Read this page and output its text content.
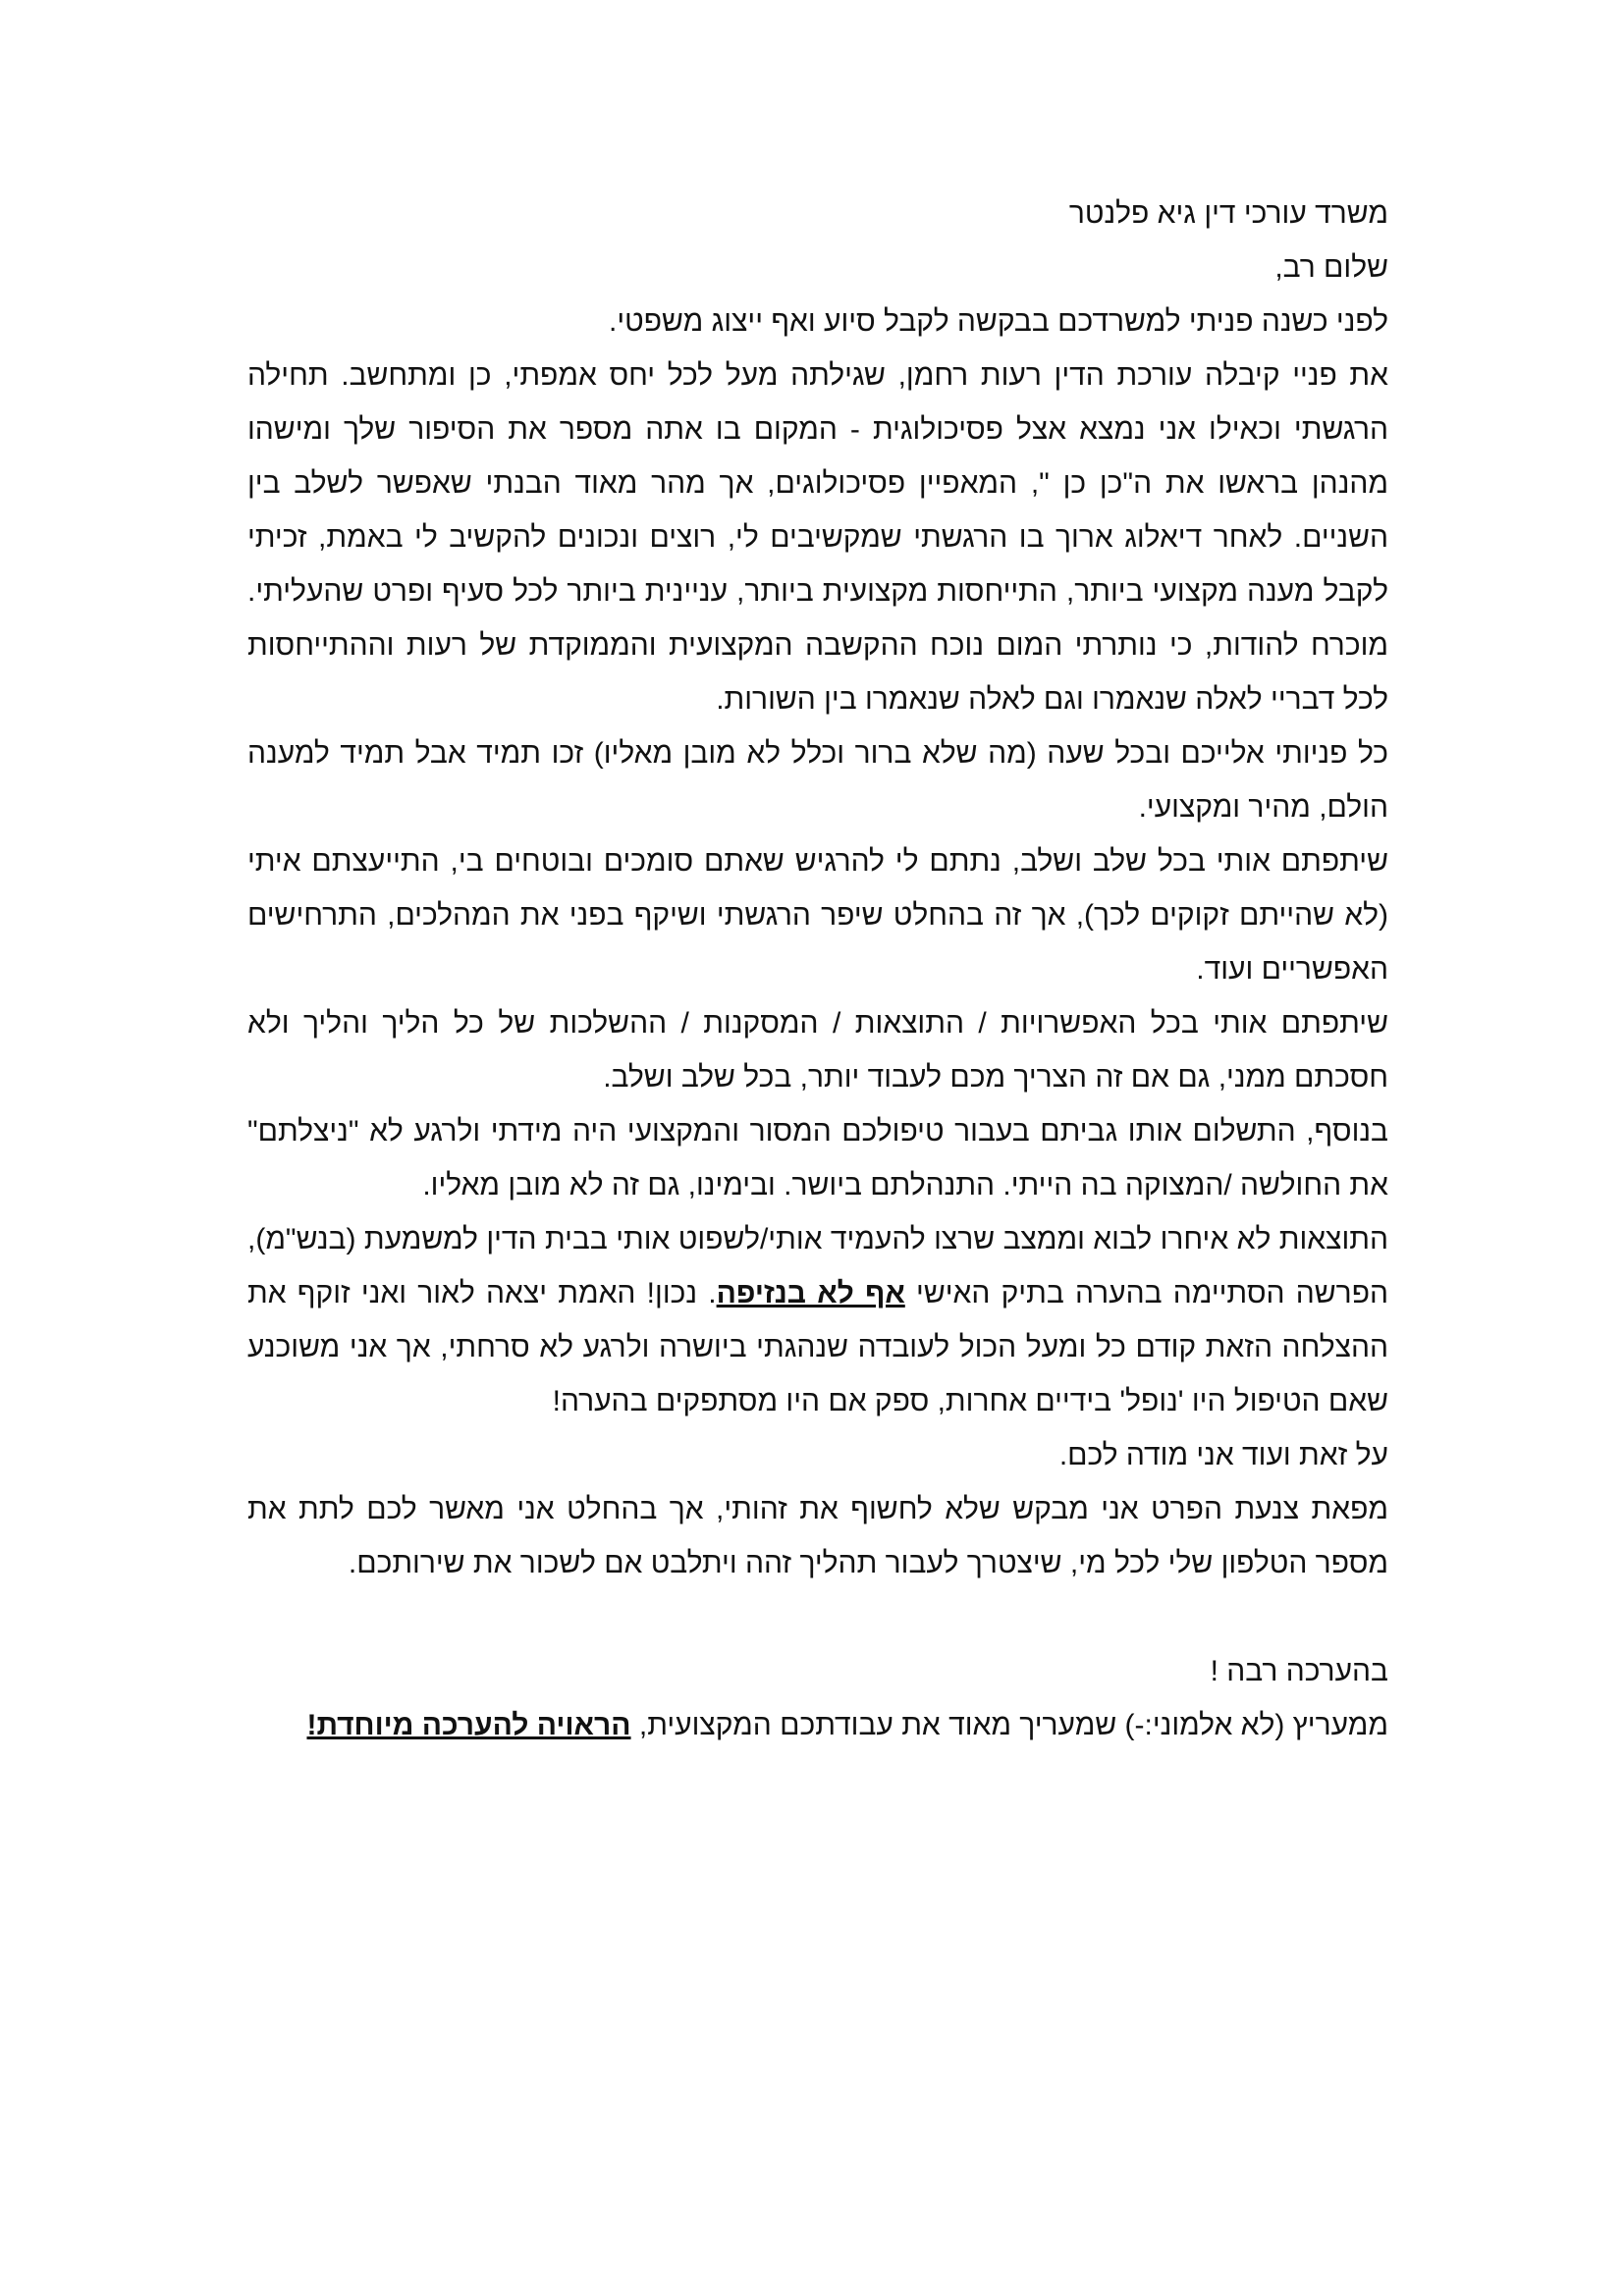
משרד עורכי דין גיא פלנטר

שלום רב,

לפני כשנה פניתי למשרדכם בבקשה לקבל סיוע ואף ייצוג משפטי.

את פניי קיבלה עורכת הדין רעות רחמן, שגילתה מעל לכל יחס אמפתי, כן ומתחשב. תחילה הרגשתי וכאילו אני נמצא אצל פסיכולוגית - המקום בו אתה מספר את הסיפור שלך ומישהו מהנהן בראשו את ה"כן כן ", המאפיין פסיכולוגים, אך מהר מאוד הבנתי שאפשר לשלב בין השניים. לאחר דיאלוג ארוך בו הרגשתי שמקשיבים לי, רוצים ונכונים להקשיב לי באמת, זכיתי לקבל מענה מקצועי ביותר, התייחסות מקצועית ביותר, עניינית ביותר לכל סעיף ופרט שהעליתי. מוכרח להודות, כי נותרתי המום נוכח ההקשבה המקצועית והממוקדת של רעות וההתייחסות לכל דבריי לאלה שנאמרו וגם לאלה שנאמרו בין השורות.

כל פניותי אלייכם ובכל שעה (מה שלא ברור וכלל לא מובן מאליו) זכו תמיד אבל תמיד למענה הולם, מהיר ומקצועי.

שיתפתם אותי בכל שלב ושלב, נתתם לי להרגיש שאתם סומכים ובוטחים בי, התייעצתם איתי (לא שהייתם זקוקים לכך), אך זה בהחלט שיפר הרגשתי ושיקף בפני את המהלכים, התרחישים האפשריים ועוד.

שיתפתם אותי בכל האפשרויות / התוצאות / המסקנות / ההשלכות של כל הליך והליך ולא חסכתם ממני, גם אם זה הצריך מכם לעבוד יותר, בכל שלב ושלב.

בנוסף, התשלום אותו גביתם בעבור טיפולכם המסור והמקצועי היה מידתי ולרגע לא "ניצלתם" את החולשה /המצוקה בה הייתי. התנהלתם ביושר. ובימינו, גם זה לא מובן מאליו.

התוצאות לא איחרו לבוא וממצב שרצו להעמיד אותי/לשפוט אותי בבית הדין למשמעת (בנש"מ), הפרשה הסתיימה בהערה בתיק האישי אף לא בנזיפה. נכון! האמת יצאה לאור ואני זוקף את ההצלחה הזאת קודם כל ומעל הכול לעובדה שנהגתי ביושרה ולרגע לא סרחתי, אך אני משוכנע שאם הטיפול היו 'נופל' בידיים אחרות, ספק אם היו מסתפקים בהערה!

על זאת ועוד אני מודה לכם.

מפאת צנעת הפרט אני מבקש שלא לחשוף את זהותי, אך בהחלט אני מאשר לכם לתת את מספר הטלפון שלי לכל מי, שיצטרך לעבור תהליך זהה ויתלבט אם לשכור את שירותכם.

בהערכה רבה !

ממעריץ (לא אלמוני:-) שמעריך מאוד את עבודתכם המקצועית, הראויה להערכה מיוחדת!
